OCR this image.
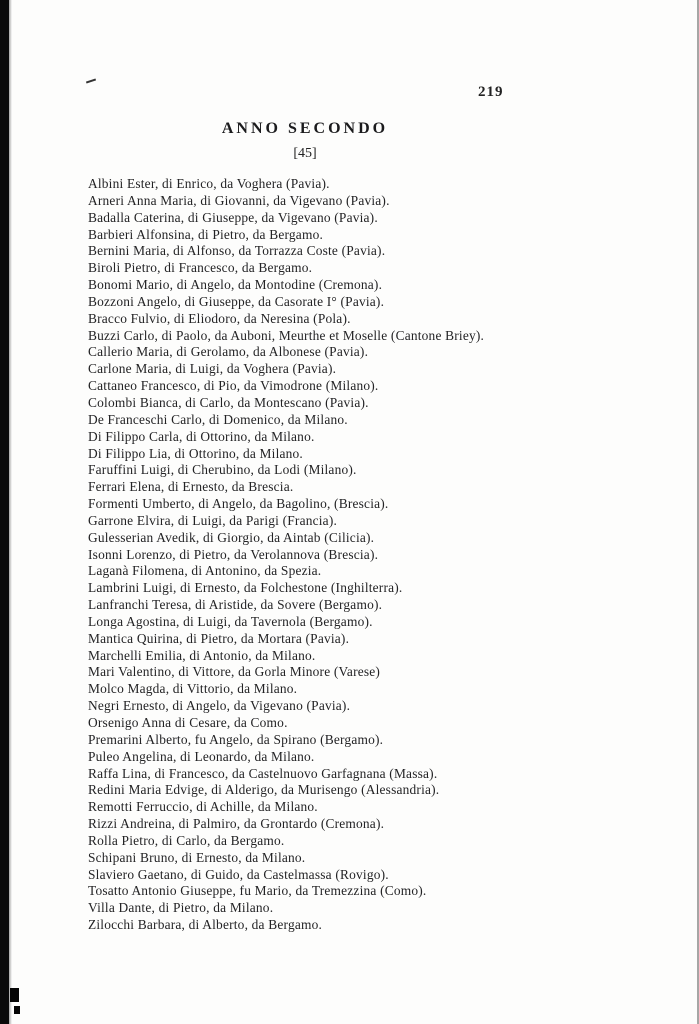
219
ANNO SECONDO
[45]
Albini Ester, di Enrico, da Voghera (Pavia).
Arneri Anna Maria, di Giovanni, da Vigevano (Pavia).
Badalla Caterina, di Giuseppe, da Vigevano (Pavia).
Barbieri Alfonsina, di Pietro, da Bergamo.
Bernini Maria, di Alfonso, da Torrazza Coste (Pavia).
Biroli Pietro, di Francesco, da Bergamo.
Bonomi Mario, di Angelo, da Montodine (Cremona).
Bozzoni Angelo, di Giuseppe, da Casorate I° (Pavia).
Bracco Fulvio, di Eliodoro, da Neresina (Pola).
Buzzi Carlo, di Paolo, da Auboni, Meurthe et Moselle (Cantone Briey).
Callerio Maria, di Gerolamo, da Albonese (Pavia).
Carlone Maria, di Luigi, da Voghera (Pavia).
Cattaneo Francesco, di Pio, da Vimodrone (Milano).
Colombi Bianca, di Carlo, da Montescano (Pavia).
De Franceschi Carlo, di Domenico, da Milano.
Di Filippo Carla, di Ottorino, da Milano.
Di Filippo Lia, di Ottorino, da Milano.
Faruffini Luigi, di Cherubino, da Lodi (Milano).
Ferrari Elena, di Ernesto, da Brescia.
Formenti Umberto, di Angelo, da Bagolino, (Brescia).
Garrone Elvira, di Luigi, da Parigi (Francia).
Gulesserian Avedik, di Giorgio, da Aintab (Cilicia).
Isonni Lorenzo, di Pietro, da Verolannova (Brescia).
Laganà Filomena, di Antonino, da Spezia.
Lambrini Luigi, di Ernesto, da Folchestone (Inghilterra).
Lanfranchi Teresa, di Aristide, da Sovere (Bergamo).
Longa Agostina, di Luigi, da Tavernola (Bergamo).
Mantica Quirina, di Pietro, da Mortara (Pavia).
Marchelli Emilia, di Antonio, da Milano.
Mari Valentino, di Vittore, da Gorla Minore (Varese)
Molco Magda, di Vittorio, da Milano.
Negri Ernesto, di Angelo, da Vigevano (Pavia).
Orsenigo Anna di Cesare, da Como.
Premarini Alberto, fu Angelo, da Spirano (Bergamo).
Puleo Angelina, di Leonardo, da Milano.
Raffa Lina, di Francesco, da Castelnuovo Garfagnana (Massa).
Redini Maria Edvige, di Alderigo, da Murisengo (Alessandria).
Remotti Ferruccio, di Achille, da Milano.
Rizzi Andreina, di Palmiro, da Grontardo (Cremona).
Rolla Pietro, di Carlo, da Bergamo.
Schipani Bruno, di Ernesto, da Milano.
Slaviero Gaetano, di Guido, da Castelmassa (Rovigo).
Tosatto Antonio Giuseppe, fu Mario, da Tremezzina (Como).
Villa Dante, di Pietro, da Milano.
Zilocchi Barbara, di Alberto, da Bergamo.
